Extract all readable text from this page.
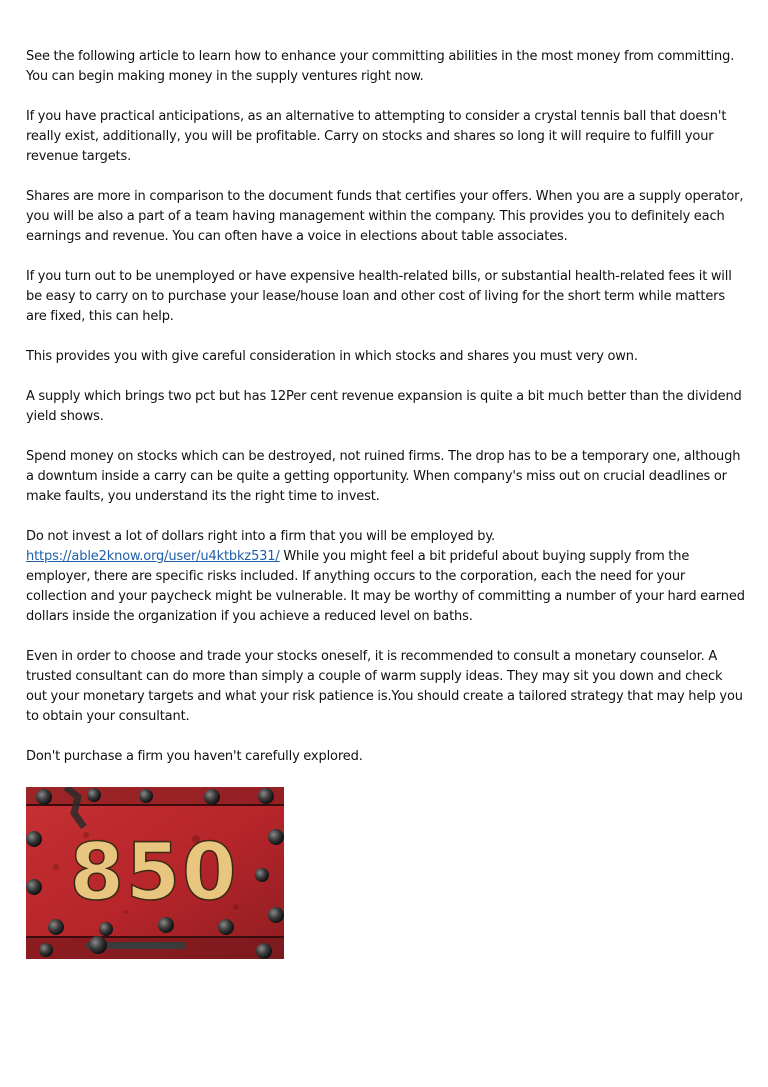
See the following article to learn how to enhance your committing abilities in the most money from committing. You can begin making money in the supply ventures right now.

If you have practical anticipations, as an alternative to attempting to consider a crystal tennis ball that doesn't really exist, additionally, you will be profitable. Carry on stocks and shares so long it will require to fulfill your revenue targets.

Shares are more in comparison to the document funds that certifies your offers. When you are a supply operator, you will be also a part of a team having management within the company. This provides you to definitely each earnings and revenue. You can often have a voice in elections about table associates.

If you turn out to be unemployed or have expensive health-related bills, or substantial health-related fees it will be easy to carry on to purchase your lease/house loan and other cost of living for the short term while matters are fixed, this can help.

This provides you with give careful consideration in which stocks and shares you must very own.

A supply which brings two pct but has 12Per cent revenue expansion is quite a bit much better than the dividend yield shows.

Spend money on stocks which can be destroyed, not ruined firms. The drop has to be a temporary one, although a downtum inside a carry can be quite a getting opportunity. When company's miss out on crucial deadlines or make faults, you understand its the right time to invest.

Do not invest a lot of dollars right into a firm that you will be employed by. https://able2know.org/user/u4ktbkz531/ While you might feel a bit prideful about buying supply from the employer, there are specific risks included. If anything occurs to the corporation, each the need for your collection and your paycheck might be vulnerable. It may be worthy of committing a number of your hard earned dollars inside the organization if you achieve a reduced level on baths.

Even in order to choose and trade your stocks oneself, it is recommended to consult a monetary counselor. A trusted consultant can do more than simply a couple of warm supply ideas. They may sit you down and check out your monetary targets and what your risk patience is.You should create a tailored strategy that may help you to obtain your consultant.

Don't purchase a firm you haven't carefully explored.

850
